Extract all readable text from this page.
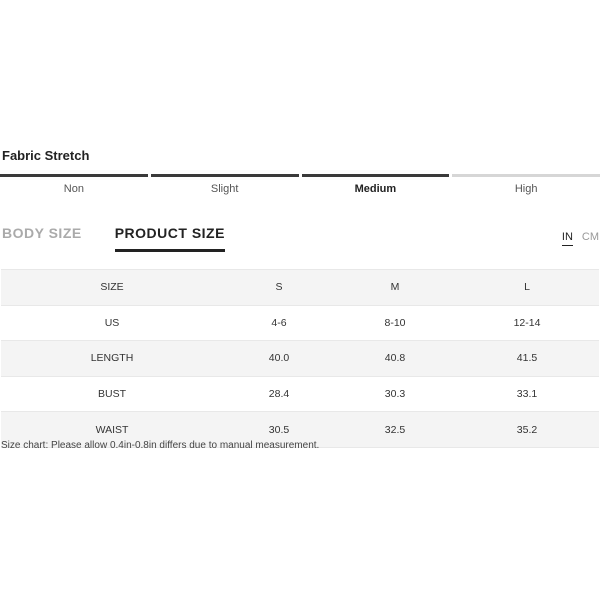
Fabric Stretch
Non	Slight	Medium	High
BODY SIZE PRODUCT SIZE	IN CM
SIZE	S	M	L
US	4-6	8-10	12-14
LENGTH	40.0	40.8	41.5
BUST	28.4	30.3	33.1
WAIST	30.5	32.5	35.2
Size chart: Please allow 0.4in-0.8in differs due to manual measurement.
